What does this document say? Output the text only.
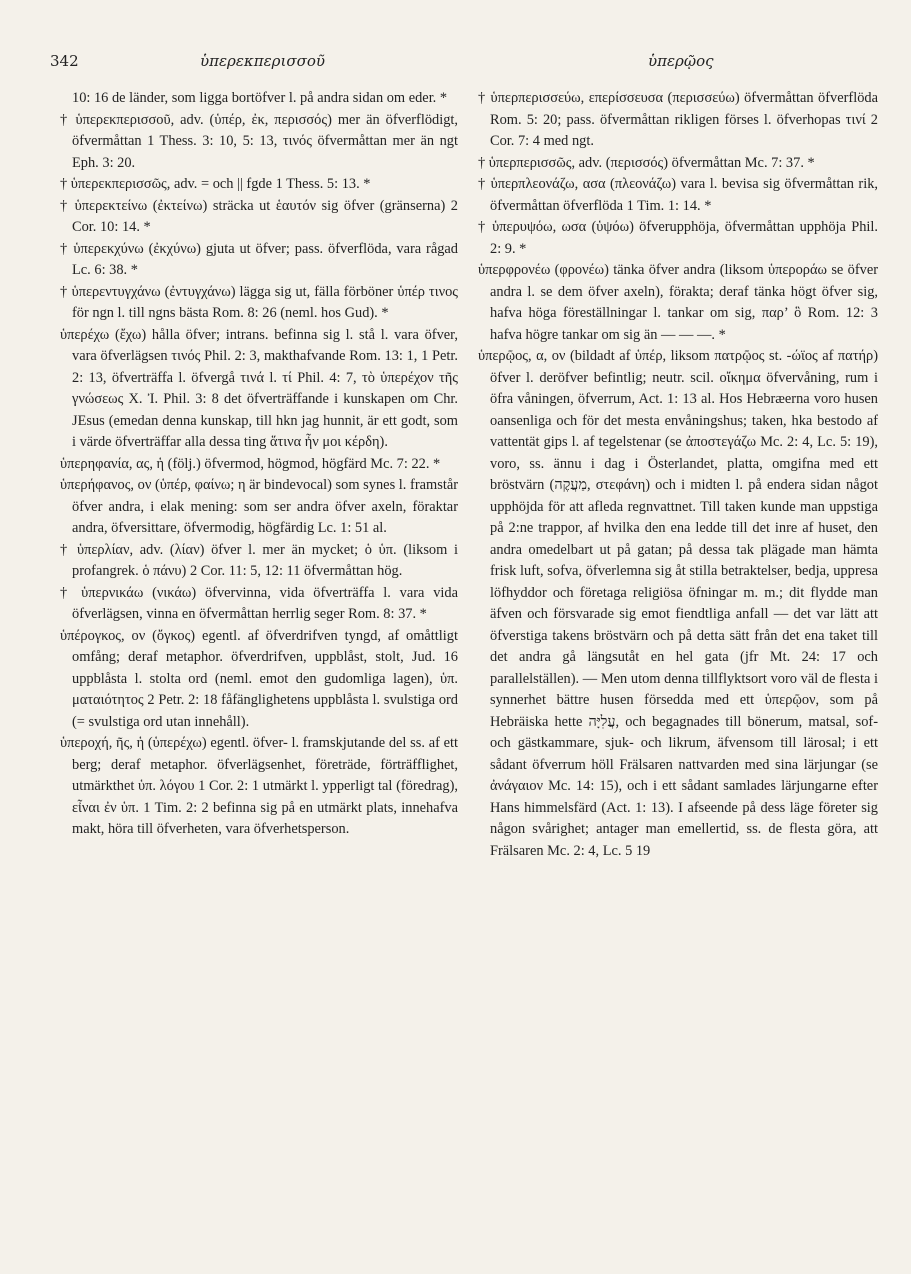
342	ὑπερεκπερισσοῦ	ὑπερῷος

10: 16 de länder, som ligga bortöfver l. på andra sidan om eder. *

† ὑπερεκπερισσοῦ, adv. (ὑπέρ, ἐκ, περισσός) mer än öfverflödigt, öfvermåttan 1 Thess. 3: 10, 5: 13, τινός öfvermåttan mer än ngt Eph. 3: 20.

† ὑπερεκπερισσῶς, adv. = och || fgde 1 Thess. 5: 13. *

† ὑπερεκτείνω (ἐκτείνω) sträcka ut ἑαυτόν sig öfver (gränserna) 2 Cor. 10: 14. *

† ὑπερεκχύνω (ἐκχύνω) gjuta ut öfver; pass. öfverflöda, vara rågad Lc. 6: 38. *

† ὑπερεντυγχάνω (ἐντυγχάνω) lägga sig ut, fälla förböner ὑπέρ τινος för ngn l. till ngns bästa Rom. 8: 26 (neml. hos Gud). *

ὑπερέχω (ἔχω) hålla öfver; intrans. befinna sig l. stå l. vara öfver, vara öfverlägsen τινός Phil. 2: 3, makthafvande Rom. 13: 1, 1 Petr. 2: 13, öfverträffa l. öfvergå τινά l. τί Phil. 4: 7, τὸ ὑπερέχον τῆς γνώσεως Χ. Ἰ. Phil. 3: 8 det öfverträffande i kunskapen om Chr. JEsus (emedan denna kunskap, till hkn jag hunnit, är ett godt, som i värde öfverträffar alla dessa ting ἅτινα ἦν μοι κέρδη).

ὑπερηφανία, ας, ἡ (följ.) öfvermod, högmod, högfärd Mc. 7: 22. *

ὑπερήφανος, ον (ὑπέρ, φαίνω; η är bindevocal) som synes l. framstår öfver andra, i elak mening: som ser andra öfver axeln, föraktar andra, öfversittare, öfvermodig, högfärdig Lc. 1: 51 al.

† ὑπερλίαν, adv. (λίαν) öfver l. mer än mycket; ὁ ὑπ. (liksom i profangrek. ὁ πάνυ) 2 Cor. 11: 5, 12: 11 öfvermåttan hög.

† ὑπερνικάω (νικάω) öfvervinna, vida öfverträffa l. vara vida öfverlägsen, vinna en öfvermåttan herrlig seger Rom. 8: 37. *

ὑπέρογκος, ον (ὄγκος) egentl. af öfverdrifven tyngd, af omåttligt omfång; deraf metaphor. öfverdrifven, uppblåst, stolt, Jud. 16 uppblåsta l. stolta ord (neml. emot den gudomliga lagen), ὑπ. ματαιότητος 2 Petr. 2: 18 fåfänglighetens uppblåsta l. svulstiga ord (= svulstiga ord utan innehåll).

ὑπεροχή, ῆς, ἡ (ὑπερέχω) egentl. öfver- l. framskjutande del ss. af ett berg; deraf metaphor. öfverlägsenhet, företräde, förträfflighet, utmärkthet ὑπ. λόγου 1 Cor. 2: 1 utmärkt l. ypperligt tal (föredrag), εἶναι ἐν ὑπ. 1 Tim. 2: 2 befinna sig på en utmärkt plats, innehafva makt, höra till öfverheten, vara öfverhetsperson.

† ὑπερπερισσεύω, επερίσσευσα (περισσεύω) öfvermåttan öfverflöda Rom. 5: 20; pass. öfvermåttan rikligen förses l. öfverhopas τινί 2 Cor. 7: 4 med ngt.

† ὑπερπερισσῶς, adv. (περισσός) öfvermåttan Mc. 7: 37. *

† ὑπερπλεονάζω, ασα (πλεονάζω) vara l. bevisa sig öfvermåttan rik, öfvermåttan öfverflöda 1 Tim. 1: 14. *

† ὑπερυψόω, ωσα (ὑψόω) öfverupphöja, öfvermåttan upphöja Phil. 2: 9. *

ὑπερφρονέω (φρονέω) tänka öfver andra (liksom ὑπεροράω se öfver andra l. se dem öfver axeln), förakta; deraf tänka högt öfver sig, hafva höga föreställningar l. tankar om sig, παρ’ ὃ Rom. 12: 3 hafva högre tankar om sig än — — —. *

ὑπερῷος, α, ον (bildadt af ὑπέρ, liksom πατρῷος st. -ώϊος af πατήρ) öfver l. deröfver befintlig; neutr. scil. οἴκημα öfvervåning, rum i öfra våningen, öfverrum, Act. 1: 13 al. Hos Hebræerna voro husen oansenliga och för det mesta envåningshus; taken, hka bestodo af vattentät gips l. af tegelstenar (se ἀποστεγάζω Mc. 2: 4, Lc. 5: 19), voro, ss. ännu i dag i Österlandet, platta, omgifna med ett bröstvärn (מַעֲקֶה, στεφάνη) och i midten l. på endera sidan något upphöjda för att afleda regnvattnet. Till taken kunde man uppstiga på 2:ne trappor, af hvilka den ena ledde till det inre af huset, den andra omedelbart ut på gatan; på dessa tak plägade man hämta frisk luft, sofva, öfverlemna sig åt stilla betraktelser, bedja, uppresa löfhyddor och företaga religiösa öfningar m. m.; dit flydde man äfven och försvarade sig emot fiendtliga anfall — det var lätt att öfverstiga takens bröstvärn och på detta sätt från det ena taket till det andra gå längsutåt en hel gata (jfr Mt. 24: 17 och parallelställen). — Men utom denna tillflyktsort voro väl de flesta i synnerhet bättre husen försedda med ett ὑπερῷον, som på Hebräiska hette עֲלִיָּה, och begagnades till bönerum, matsal, sof- och gästkammare, sjuk- och likrum, äfvensom till lärosal; i ett sådant öfverrum höll Frälsaren nattvarden med sina lärjungar (se ἀνάγαιον Mc. 14: 15), och i ett sådant samlades lärjungarne efter Hans himmelsfärd (Act. 1: 13). I afseende på dess läge företer sig någon svårighet; antager man emellertid, ss. de flesta göra, att Frälsaren Mc. 2: 4, Lc. 5 19
